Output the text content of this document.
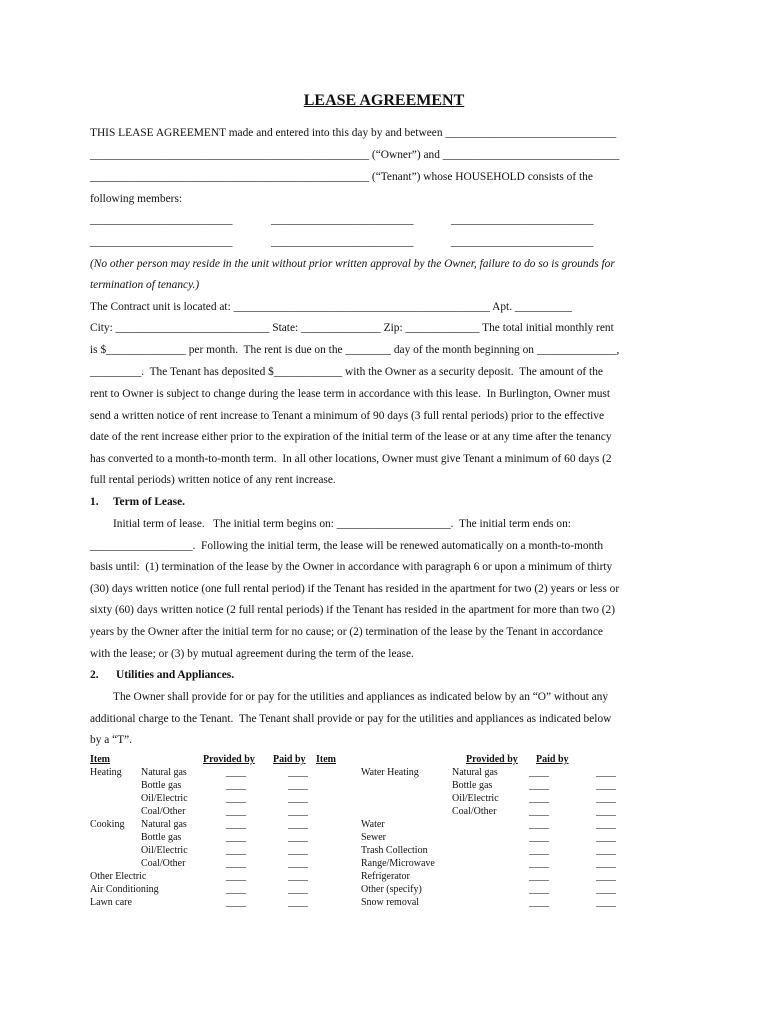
LEASE AGREEMENT
THIS LEASE AGREEMENT made and entered into this day by and between ______________________________
_________________________________________________ (“Owner”) and _______________________________
_________________________________________________ (“Tenant”) whose HOUSEHOLD consists of the
following members:
_________________________	_________________________	_________________________
_________________________	_________________________	_________________________
(No other person may reside in the unit without prior written approval by the Owner, failure to do so is grounds for
termination of tenancy.)
The Contract unit is located at: _____________________________________________ Apt. __________
City: ___________________________ State: ______________ Zip: _____________ The total initial monthly rent
is $______________ per month.  The rent is due on the ________ day of the month beginning on ______________,
_________.  The Tenant has deposited $____________ with the Owner as a security deposit.  The amount of the
rent to Owner is subject to change during the lease term in accordance with this lease.  In Burlington, Owner must
send a written notice of rent increase to Tenant a minimum of 90 days (3 full rental periods) prior to the effective
date of the rent increase either prior to the expiration of the initial term of the lease or at any time after the tenancy
has converted to a month-to-month term.  In all other locations, Owner must give Tenant a minimum of 60 days (2
full rental periods) written notice of any rent increase.
1. Term of Lease.
Initial term of lease.   The initial term begins on: ____________________.  The initial term ends on:
__________________.  Following the initial term, the lease will be renewed automatically on a month-to-month
basis until:  (1) termination of the lease by the Owner in accordance with paragraph 6 or upon a minimum of thirty
(30) days written notice (one full rental period) if the Tenant has resided in the apartment for two (2) years or less or
sixty (60) days written notice (2 full rental periods) if the Tenant has resided in the apartment for more than two (2)
years by the Owner after the initial term for no cause; or (2) termination of the lease by the Tenant in accordance
with the lease; or (3) by mutual agreement during the term of the lease.
2. Utilities and Appliances.
The Owner shall provide for or pay for the utilities and appliances as indicated below by an “O” without any
additional charge to the Tenant.  The Tenant shall provide or pay for the utilities and appliances as indicated below
by a “T”.
Item	Provided by Paid by Item	Provided by Paid by
Heating Natural gas	____	____
Bottle gas	____	____
Oil/Electric	____	____
Coal/Other	____	____
Cooking Natural gas	____	____
Bottle gas	____	____
Oil/Electric	____	____
Coal/Other	____	____
Other Electric	____	____
Air Conditioning	____	____
Lawn care	____	____
Water Heating	Natural gas	____	____
Bottle gas	____	____
Oil/Electric	____	____
Coal/Other	____	____
Water	____	____
Sewer	____	____
Trash Collection	____	____
Range/Microwave	____	____
Refrigerator	____	____
Other (specify)	____	____
Snow removal	____	____
